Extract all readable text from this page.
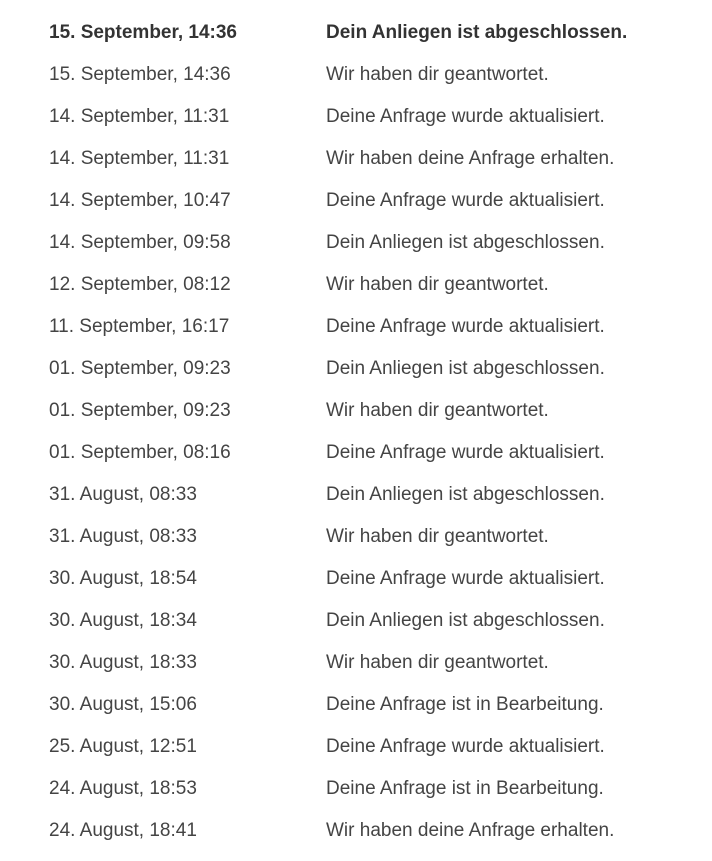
15. September, 14:36	Dein Anliegen ist abgeschlossen.
15. September, 14:36	Wir haben dir geantwortet.
14. September, 11:31	Deine Anfrage wurde aktualisiert.
14. September, 11:31	Wir haben deine Anfrage erhalten.
14. September, 10:47	Deine Anfrage wurde aktualisiert.
14. September, 09:58	Dein Anliegen ist abgeschlossen.
12. September, 08:12	Wir haben dir geantwortet.
11. September, 16:17	Deine Anfrage wurde aktualisiert.
01. September, 09:23	Dein Anliegen ist abgeschlossen.
01. September, 09:23	Wir haben dir geantwortet.
01. September, 08:16	Deine Anfrage wurde aktualisiert.
31. August, 08:33	Dein Anliegen ist abgeschlossen.
31. August, 08:33	Wir haben dir geantwortet.
30. August, 18:54	Deine Anfrage wurde aktualisiert.
30. August, 18:34	Dein Anliegen ist abgeschlossen.
30. August, 18:33	Wir haben dir geantwortet.
30. August, 15:06	Deine Anfrage ist in Bearbeitung.
25. August, 12:51	Deine Anfrage wurde aktualisiert.
24. August, 18:53	Deine Anfrage ist in Bearbeitung.
24. August, 18:41	Wir haben deine Anfrage erhalten.
